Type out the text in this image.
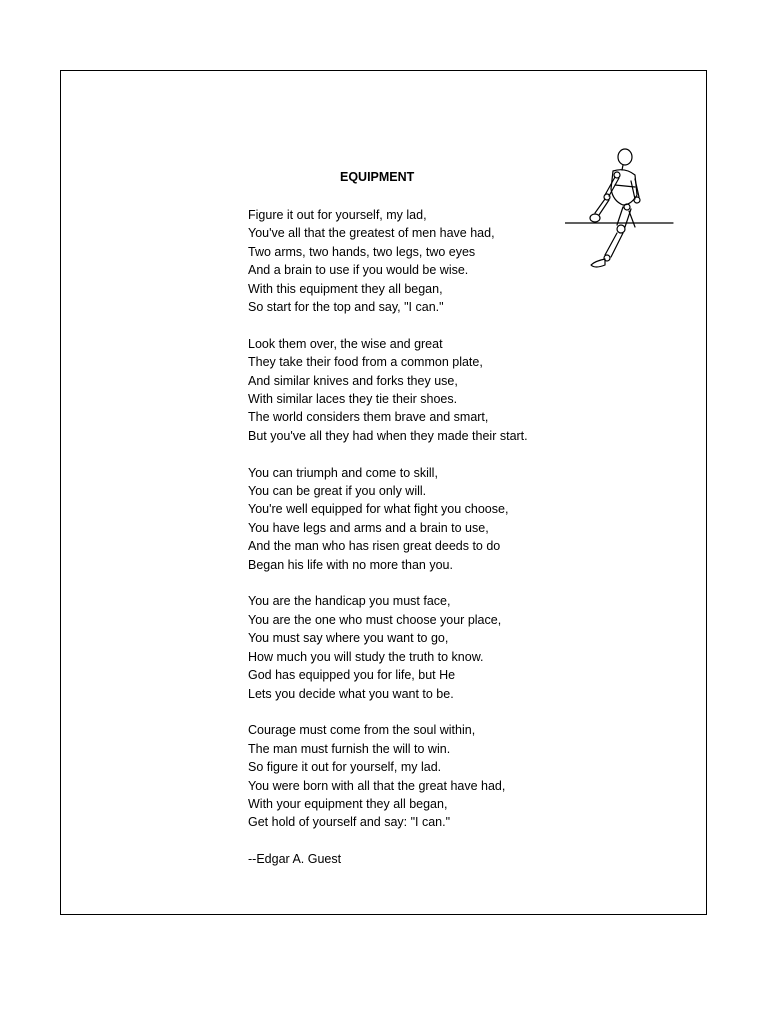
EQUIPMENT
Figure it out for yourself, my lad,
You've all that the greatest of men have had,
Two arms, two hands, two legs, two eyes
And a brain to use if you would be wise.
With this equipment they all began,
So start for the top and say, "I can."
Look them over, the wise and great
They take their food from a common plate,
And similar knives and forks they use,
With similar laces they tie their shoes.
The world considers them brave and smart,
But you've all they had when they made their start.
You can triumph and come to skill,
You can be great if you only will.
You're well equipped for what fight you choose,
You have legs and arms and a brain to use,
And the man who has risen great deeds to do
Began his life with no more than you.
You are the handicap you must face,
You are the one who must choose your place,
You must say where you want to go,
How much you will study the truth to know.
God has equipped you for life, but He
Lets you decide what you want to be.
Courage must come from the soul within,
The man must furnish the will to win.
So figure it out for yourself, my lad.
You were born with all that the great have had,
With your equipment they all began,
Get hold of yourself and say: "I can."
--Edgar A. Guest
